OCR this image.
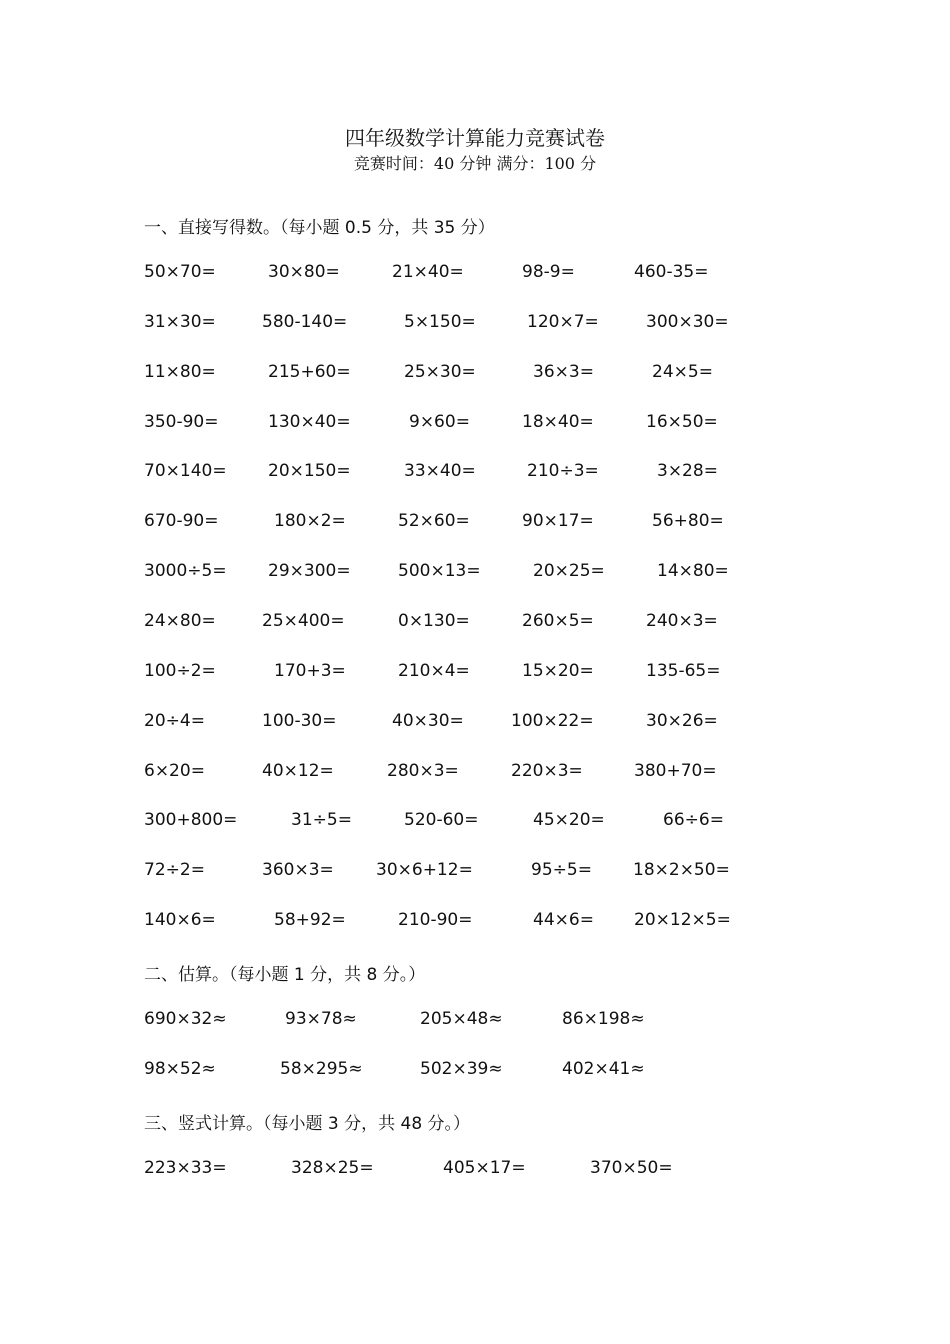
四年级数学计算能力竞赛试卷
竞赛时间：40 分钟 满分：100 分
一、直接写得数。（每小题 0.5 分，共 35 分）
50×70=	30×80=	21×40=	98-9=	460-35=
31×30=	580-140=	5×150=	120×7=	300×30=
11×80=	215+60=	25×30=	36×3=	24×5=
350-90=	130×40=	9×60=	18×40=	16×50=
70×140= 20×150=	33×40=	210÷3=	3×28=
670-90=	180×2=	52×60=	90×17=	56+80=
3000÷5= 29×300=	500×13=	20×25=	14×80=
24×80=	25×400=	0×130=	260×5=	240×3=
100÷2=	170+3=	210×4=	15×20=	135-65=
20÷4=	100-30=	40×30=	100×22=	30×26=
6×20=	40×12=	280×3=	220×3=	380+70=
300+800=	31÷5=	520-60=	45×20=	66÷6=
72÷2=	360×3= 30×6+12=	95÷5= 18×2×50=
140×6=	58+92=	210-90=	44×6= 20×12×5=
二、估算。（每小题 1 分，共 8 分。）
690×32≈	93×78≈	205×48≈	86×198≈
98×52≈	58×295≈	502×39≈	402×41≈
三、竖式计算。（每小题 3 分，共 48 分。）
223×33=	328×25=	405×17=	370×50=
